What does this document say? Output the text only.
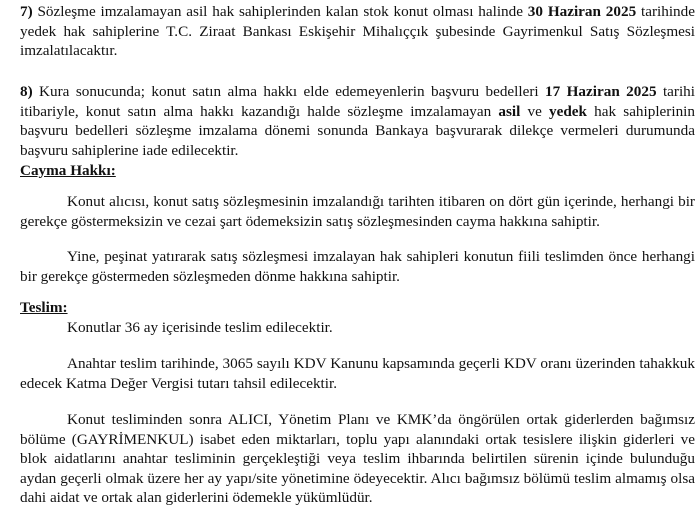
7) Sözleşme imzalamayan asil hak sahiplerinden kalan stok konut olması halinde 30 Haziran 2025 tarihinde yedek hak sahiplerine T.C. Ziraat Bankası Eskişehir Mihalıççık şubesinde Gayrimenkul Satış Sözleşmesi imzalatılacaktır.

8) Kura sonucunda; konut satın alma hakkı elde edemeyenlerin başvuru bedelleri 17 Haziran 2025 tarihi itibariyle, konut satın alma hakkı kazandığı halde sözleşme imzalamayan asil ve yedek hak sahiplerinin başvuru bedelleri sözleşme imzalama dönemi sonunda Bankaya başvurarak dilekçe vermeleri durumunda başvuru sahiplerine iade edilecektir.

Cayma Hakkı:

Konut alıcısı, konut satış sözleşmesinin imzalandığı tarihten itibaren on dört gün içerinde, herhangi bir gerekçe göstermeksizin ve cezai şart ödemeksizin satış sözleşmesinden cayma hakkına sahiptir.

Yine, peşinat yatırarak satış sözleşmesi imzalayan hak sahipleri konutun fiili teslimden önce herhangi bir gerekçe göstermeden sözleşmeden dönme hakkına sahiptir.

Teslim:

Konutlar 36 ay içerisinde teslim edilecektir.

Anahtar teslim tarihinde, 3065 sayılı KDV Kanunu kapsamında geçerli KDV oranı üzerinden tahakkuk edecek Katma Değer Vergisi tutarı tahsil edilecektir.

Konut tesliminden sonra ALICI, Yönetim Planı ve KMK’da öngörülen ortak giderlerden bağımsız bölüme (GAYRİMENKUL) isabet eden miktarları, toplu yapı alanındaki ortak tesislere ilişkin giderleri ve blok aidatlarını anahtar tesliminin gerçekleştiği veya teslim ihbarında belirtilen sürenin içinde bulunduğu aydan geçerli olmak üzere her ay yapı/site yönetimine ödeyecektir. Alıcı bağımsız bölümü teslim almamış olsa dahi aidat ve ortak alan giderlerini ödemekle yükümlüdür.
